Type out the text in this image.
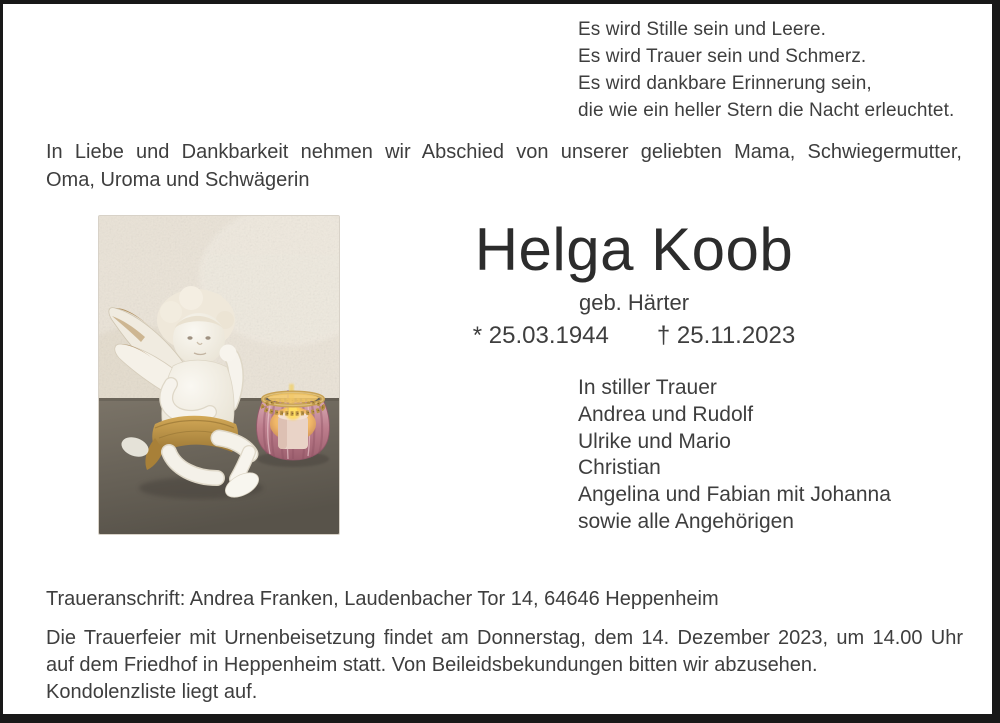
Es wird Stille sein und Leere.
Es wird Trauer sein und Schmerz.
Es wird dankbare Erinnerung sein,
die wie ein heller Stern die Nacht erleuchtet.
In Liebe und Dankbarkeit nehmen wir Abschied von unserer geliebten Mama, Schwiegermutter,
Oma, Uroma und Schwägerin
Helga Koob
geb. Härter
* 25.03.1944 † 25.11.2023
In stiller Trauer
Andrea und Rudolf
Ulrike und Mario
Christian
Angelina und Fabian mit Johanna
sowie alle Angehörigen
Traueranschrift: Andrea Franken, Laudenbacher Tor 14, 64646 Heppenheim
Die Trauerfeier mit Urnenbeisetzung findet am Donnerstag, dem 14. Dezember 2023, um 14.00 Uhr
auf dem Friedhof in Heppenheim statt. Von Beileidsbekundungen bitten wir abzusehen.
Kondolenzliste liegt auf.
